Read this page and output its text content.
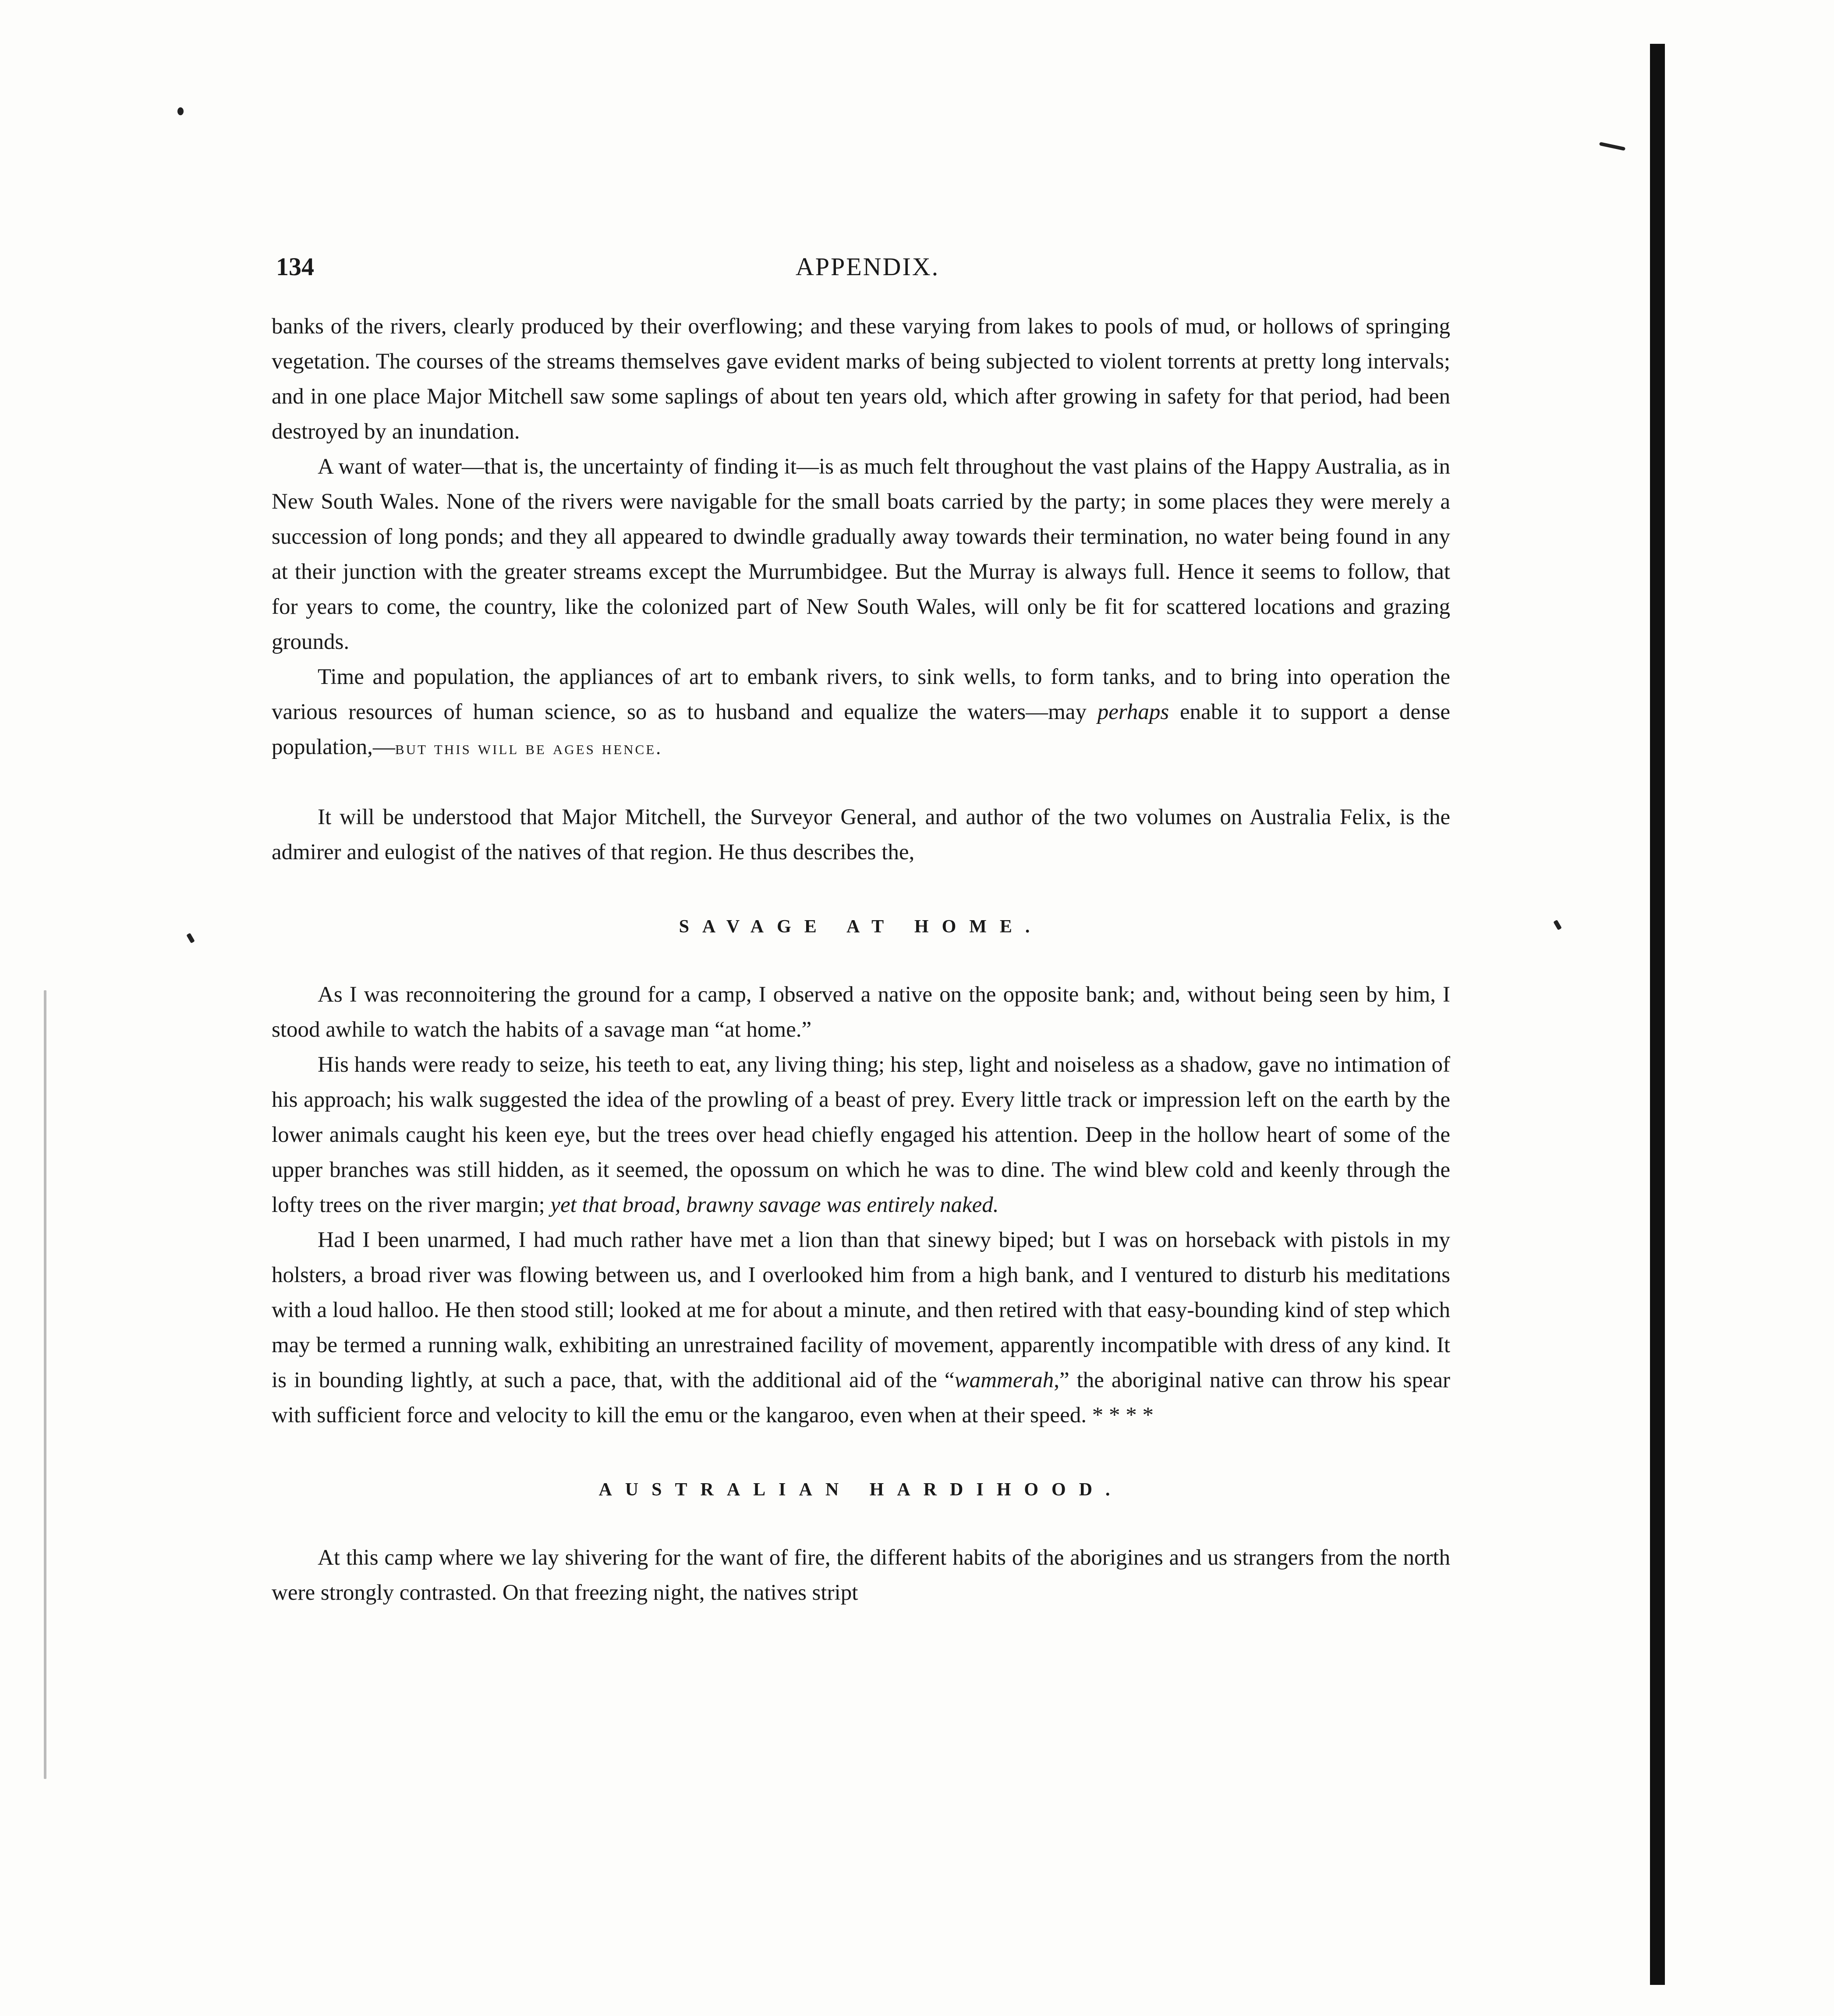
134	APPENDIX.

banks of the rivers, clearly produced by their overflowing; and these varying from lakes to pools of mud, or hollows of springing vegetation. The courses of the streams themselves gave evident marks of being subjected to violent torrents at pretty long intervals; and in one place Major Mitchell saw some saplings of about ten years old, which after growing in safety for that period, had been destroyed by an inundation.

A want of water—that is, the uncertainty of finding it—is as much felt throughout the vast plains of the Happy Australia, as in New South Wales. None of the rivers were navigable for the small boats carried by the party; in some places they were merely a succession of long ponds; and they all appeared to dwindle gradually away towards their termination, no water being found in any at their junction with the greater streams except the Murrumbidgee. But the Murray is always full. Hence it seems to follow, that for years to come, the country, like the colonized part of New South Wales, will only be fit for scattered locations and grazing grounds.

Time and population, the appliances of art to embank rivers, to sink wells, to form tanks, and to bring into operation the various resources of human science, so as to husband and equalize the waters—may perhaps enable it to support a dense population,—but this will be ages hence.

It will be understood that Major Mitchell, the Surveyor General, and author of the two volumes on Australia Felix, is the admirer and eulogist of the natives of that region. He thus describes the,

SAVAGE AT HOME.

As I was reconnoitering the ground for a camp, I observed a native on the opposite bank; and, without being seen by him, I stood awhile to watch the habits of a savage man “at home.”

His hands were ready to seize, his teeth to eat, any living thing; his step, light and noiseless as a shadow, gave no intimation of his approach; his walk suggested the idea of the prowling of a beast of prey. Every little track or impression left on the earth by the lower animals caught his keen eye, but the trees over head chiefly engaged his attention. Deep in the hollow heart of some of the upper branches was still hidden, as it seemed, the opossum on which he was to dine. The wind blew cold and keenly through the lofty trees on the river margin; yet that broad, brawny savage was entirely naked.

Had I been unarmed, I had much rather have met a lion than that sinewy biped; but I was on horseback with pistols in my holsters, a broad river was flowing between us, and I overlooked him from a high bank, and I ventured to disturb his meditations with a loud halloo. He then stood still; looked at me for about a minute, and then retired with that easy-bounding kind of step which may be termed a running walk, exhibiting an unrestrained facility of movement, apparently incompatible with dress of any kind. It is in bounding lightly, at such a pace, that, with the additional aid of the “wammerah,” the aboriginal native can throw his spear with sufficient force and velocity to kill the emu or the kangaroo, even when at their speed. * * * *

AUSTRALIAN HARDIHOOD.

At this camp where we lay shivering for the want of fire, the different habits of the aborigines and us strangers from the north were strongly contrasted. On that freezing night, the natives stript
